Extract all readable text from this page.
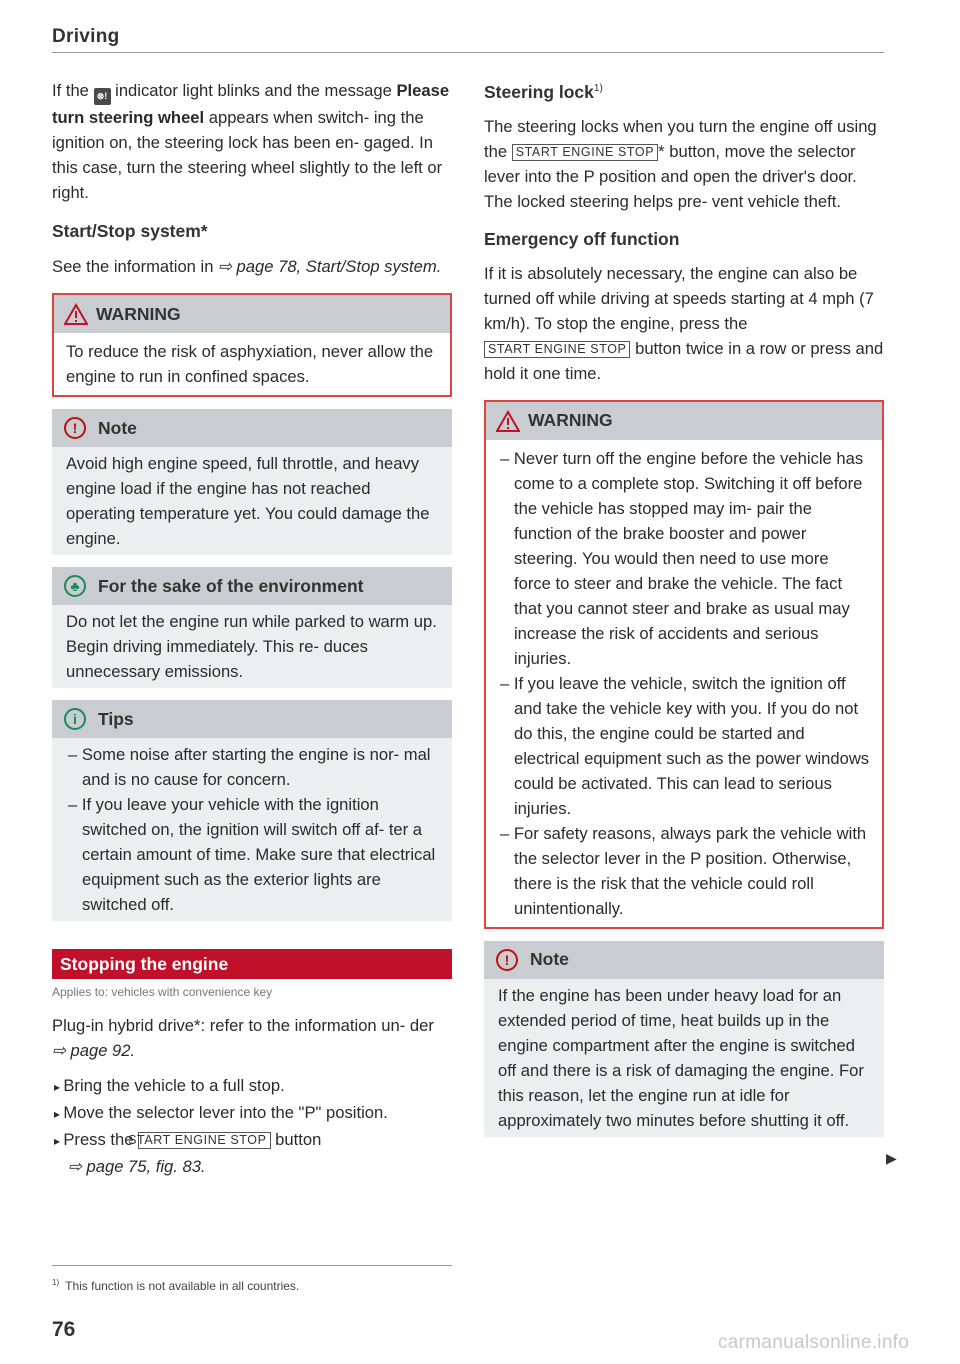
Driving

If the ⊗! indicator light blinks and the message Please turn steering wheel appears when switch- ing the ignition on, the steering lock has been en- gaged. In this case, turn the steering wheel slightly to the left or right.

Start/Stop system*

See the information in ⇨ page 78, Start/Stop system.

WARNING

To reduce the risk of asphyxiation, never allow the engine to run in confined spaces.

!	Note

Avoid high engine speed, full throttle, and heavy engine load if the engine has not reached operating temperature yet. You could damage the engine.

♣	For the sake of the environment

Do not let the engine run while parked to warm up. Begin driving immediately. This re- duces unnecessary emissions.

i	Tips
– Some noise after starting the engine is nor- mal and is no cause for concern.
– If you leave your vehicle with the ignition switched on, the ignition will switch off af- ter a certain amount of time. Make sure that electrical equipment such as the exterior lights are switched off.
Stopping the engine
Applies to: vehicles with convenience key

Plug-in hybrid drive*: refer to the information un- der ⇨ page 92.

▸ Bring the vehicle to a full stop.
▸ Move the selector lever into the "P" position.
▸ Press the START ENGINE STOP button
⇨ page 75, fig. 83.
Steering lock$^{1)}$

The steering locks when you turn the engine off using the START ENGINE STOP * button, move the selector lever into the P position and open the driver's door. The locked steering helps pre- vent vehicle theft.

Emergency off function

If it is absolutely necessary, the engine can also be turned off while driving at speeds starting at 4 mph (7 km/h). To stop the engine, press the START ENGINE STOP button twice in a row or press and hold it one time.

WARNING
– Never turn off the engine before the vehicle has come to a complete stop. Switching it off before the vehicle has stopped may im- pair the function of the brake booster and power steering. You would then need to use more force to steer and brake the vehicle. The fact that you cannot steer and brake as usual may increase the risk of accidents and serious injuries.
– If you leave the vehicle, switch the ignition off and take the vehicle key with you. If you do not do this, the engine could be started and electrical equipment such as the power windows could be activated. This can lead to serious injuries.
– For safety reasons, always park the vehicle with the selector lever in the P position. Otherwise, there is the risk that the vehicle could roll unintentionally.
!	Note

If the engine has been under heavy load for an extended period of time, heat builds up in the engine compartment after the engine is switched off and there is a risk of damaging the engine. For this reason, let the engine run at idle for approximately two minutes before shutting it off.

▶
$^{1)}$ This function is not available in all countries.
76
carmanualsonline.info
